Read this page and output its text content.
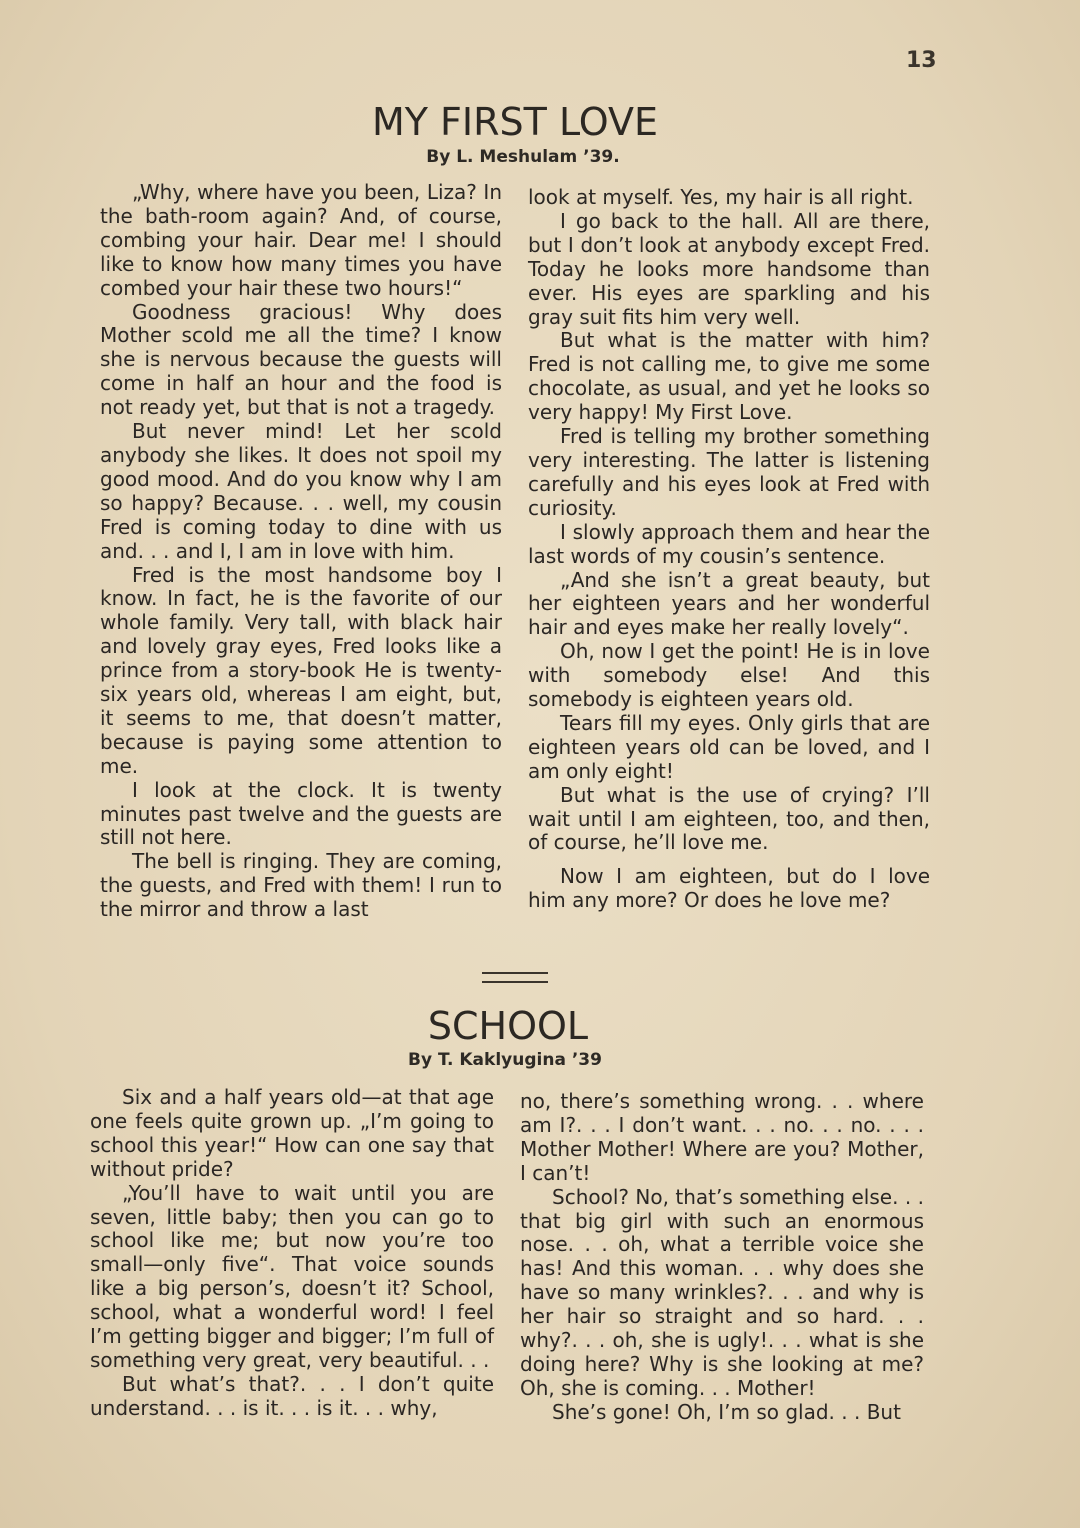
13
MY FIRST LOVE
By L. Meshulam ’39.

„Why, where have you been, Liza? In the bath-room again? And, of course, combing your hair. Dear me! I should like to know how many times you have combed your hair these two hours!“

Goodness gracious! Why does Mother scold me all the time? I know she is nervous because the guests will come in half an hour and the food is not ready yet, but that is not a tragedy.

But never mind! Let her scold anybody she likes. It does not spoil my good mood. And do you know why I am so happy? Because. . . well, my cousin Fred is coming today to dine with us and. . . and I, I am in love with him.

Fred is the most handsome boy I know. In fact, he is the favorite of our whole family. Very tall, with black hair and lovely gray eyes, Fred looks like a prince from a story-book He is twenty-six years old, whereas I am eight, but, it seems to me, that doesn’t matter, because is paying some attention to me.

I look at the clock. It is twenty minutes past twelve and the guests are still not here.

The bell is ringing. They are coming, the guests, and Fred with them! I run to the mirror and throw a last

look at myself. Yes, my hair is all right.

I go back to the hall. All are there, but I don’t look at anybody except Fred. Today he looks more handsome than ever. His eyes are sparkling and his gray suit fits him very well.

But what is the matter with him? Fred is not calling me, to give me some chocolate, as usual, and yet he looks so very happy! My First Love.

Fred is telling my brother something very interesting. The latter is listening carefully and his eyes look at Fred with curiosity.

I slowly approach them and hear the last words of my cousin’s sentence.

„And she isn’t a great beauty, but her eighteen years and her wonderful hair and eyes make her really lovely“.

Oh, now I get the point! He is in love with somebody else! And this somebody is eighteen years old.

Tears fill my eyes. Only girls that are eighteen years old can be loved, and I am only eight!

But what is the use of crying? I’ll wait until I am eighteen, too, and then, of course, he’ll love me.

Now I am eighteen, but do I love him any more? Or does he love me?

SCHOOL
By T. Kaklyugina ’39

Six and a half years old—at that age one feels quite grown up. „I’m going to school this year!“ How can one say that without pride?

„You’ll have to wait until you are seven, little baby; then you can go to school like me; but now you’re too small—only five“. That voice sounds like a big person’s, doesn’t it? School, school, what a wonderful word! I feel I’m getting bigger and bigger; I’m full of something very great, very beautiful. . .

But what’s that?. . . I don’t quite understand. . . is it. . . is it. . . why,

no, there’s something wrong. . . where am I?. . . I don’t want. . . no. . . no. . . . Mother Mother! Where are you? Mother, I can’t!

School? No, that’s something else. . . that big girl with such an enormous nose. . . oh, what a terrible voice she has! And this woman. . . why does she have so many wrinkles?. . . and why is her hair so straight and so hard. . . why?. . . oh, she is ugly!. . . what is she doing here? Why is she looking at me? Oh, she is coming. . . Mother!

She’s gone! Oh, I’m so glad. . . But
